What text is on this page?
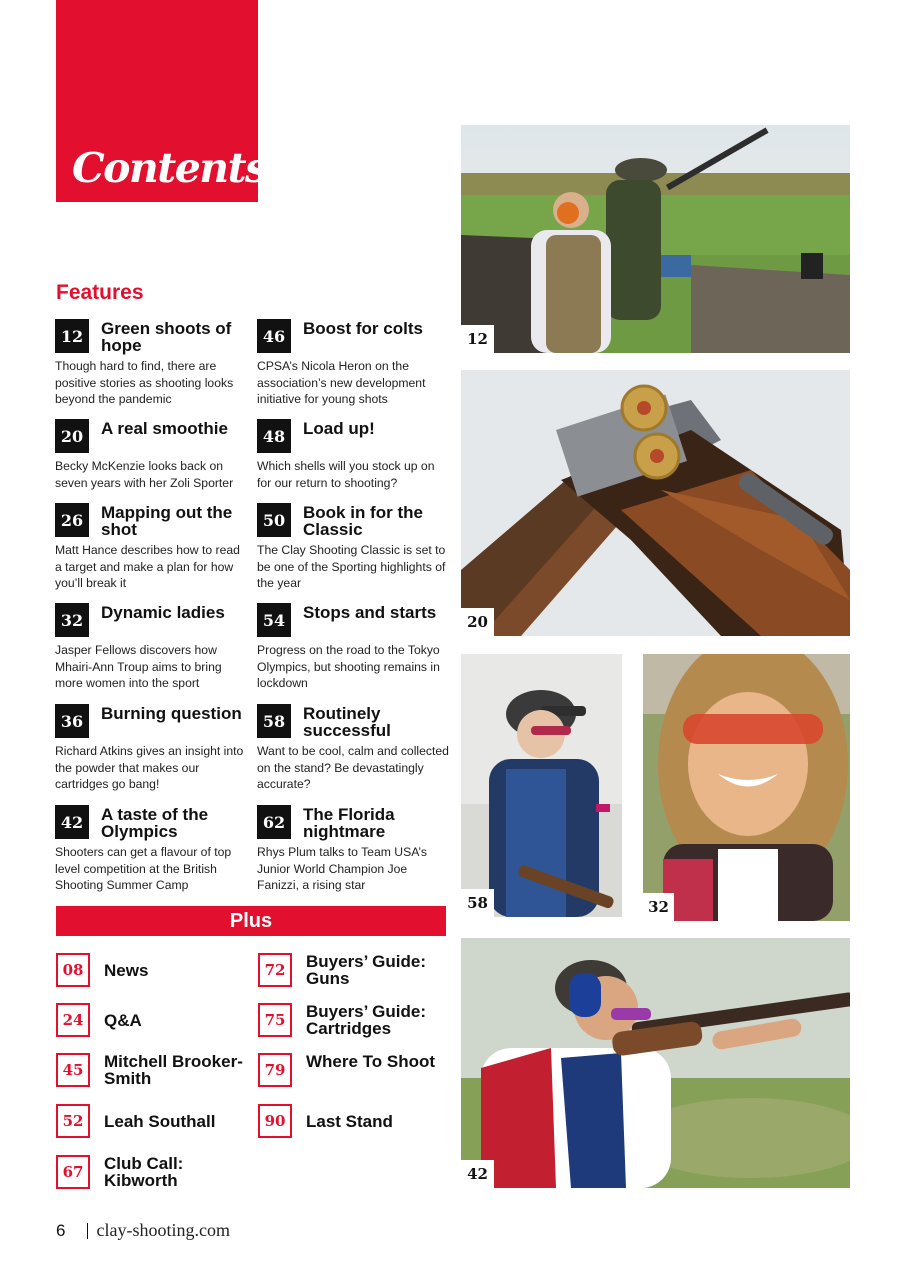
Contents
Features
12	Green shoots of hope
Though hard to find, there are positive stories as shooting looks beyond the pandemic
20	A real smoothie
Becky McKenzie looks back on seven years with her Zoli Sporter
26	Mapping out the shot
Matt Hance describes how to read a target and make a plan for how you’ll break it
32	Dynamic ladies
Jasper Fellows discovers how Mhairi-Ann Troup aims to bring more women into the sport
36	Burning question
Richard Atkins gives an insight into the powder that makes our cartridges go bang!
42	A taste of the Olympics
Shooters can get a flavour of top level competition at the British Shooting Summer Camp
46	Boost for colts
CPSA’s Nicola Heron on the association’s new development initiative for young shots
48	Load up!
Which shells will you stock up on for our return to shooting?
50	Book in for the Classic
The Clay Shooting Classic is set to be one of the Sporting highlights of the year
54	Stops and starts
Progress on the road to the Tokyo Olympics, but shooting remains in lockdown
58	Routinely successful
Want to be cool, calm and collected on the stand? Be devastatingly accurate?
62	The Florida nightmare
Rhys Plum talks to Team USA’s Junior World Champion Joe Fanizzi, a rising star
Plus
08	News
24	Q&A
45	Mitchell Brooker-Smith
52	Leah Southall
67	Club Call: Kibworth
72	Buyers’ Guide: Guns
75	Buyers’ Guide: Cartridges
79	Where To Shoot
90	Last Stand
6 clay-shooting.com
12
20
58	32
42
